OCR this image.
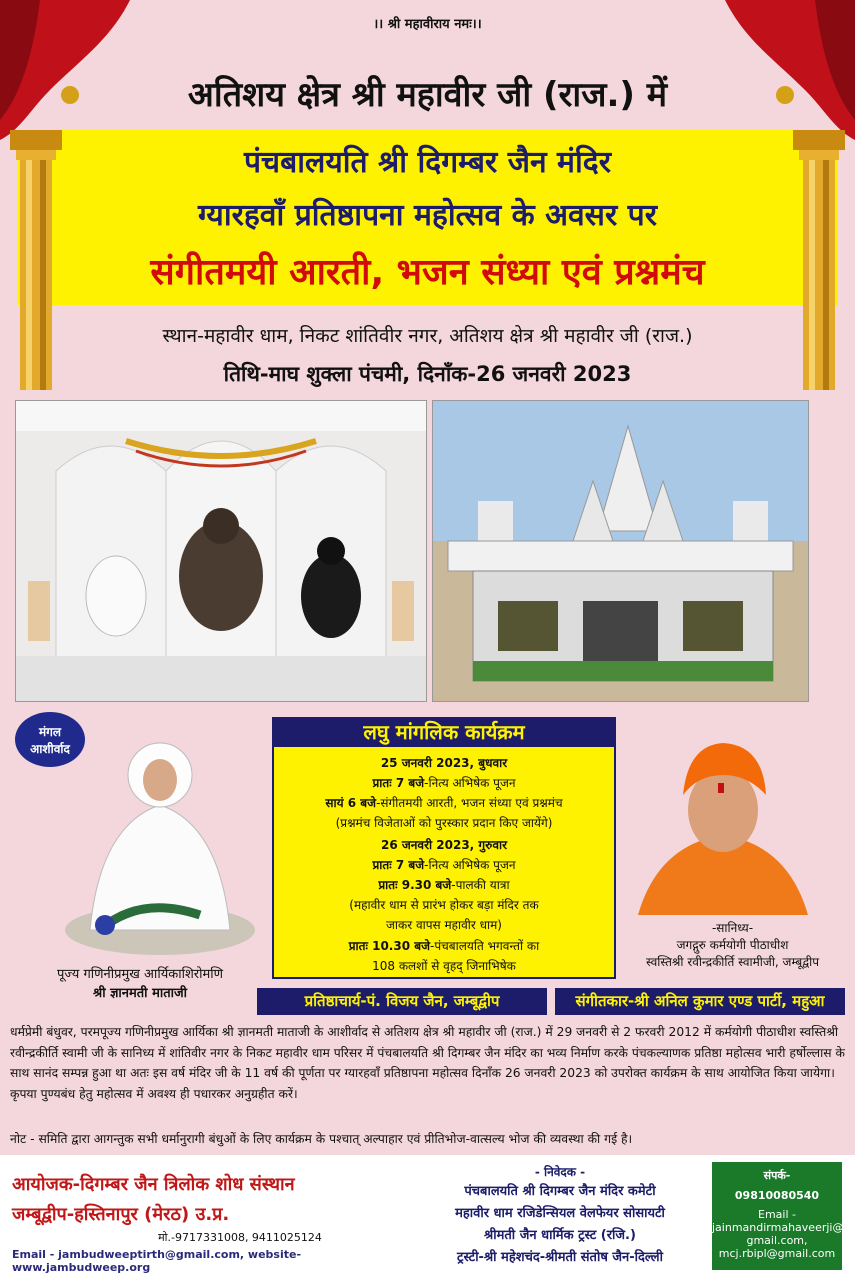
।। श्री महावीराय नमः।।
अतिशय क्षेत्र श्री महावीर जी (राज.) में
पंचबालयति श्री दिगम्बर जैन मंदिर
ग्यारहवाँ प्रतिष्ठापना महोत्सव के अवसर पर
संगीतमयी आरती, भजन संध्या एवं प्रश्नमंच
स्थान-महावीर धाम, निकट शांतिवीर नगर, अतिशय क्षेत्र श्री महावीर जी (राज.)
तिथि-माघ शुक्ला पंचमी, दिनाँक-26 जनवरी 2023
मंगल
आशीर्वाद
पूज्य गणिनीप्रमुख आर्यिकाशिरोमणि
श्री ज्ञानमती माताजी
लघु मांगलिक कार्यक्रम
25 जनवरी 2023, बुधवार
प्रातः 7 बजे-नित्य अभिषेक पूजन
सायं 6 बजे-संगीतमयी आरती, भजन संध्या एवं प्रश्नमंच
(प्रश्नमंच विजेताओं को पुरस्कार प्रदान किए जायेंगे)
26 जनवरी 2023, गुरुवार
प्रातः 7 बजे-नित्य अभिषेक पूजन
प्रातः 9.30 बजे-पालकी यात्रा
(महावीर धाम से प्रारंभ होकर बड़ा मंदिर तक
जाकर वापस महावीर धाम)
प्रातः 10.30 बजे-पंचबालयति भगवन्तों का
108 कलशों से वृहद् जिनाभिषेक
-सानिध्य-
जगद्गुरु कर्मयोगी पीठाधीश
स्वस्तिश्री रवीन्द्रकीर्ति स्वामीजी, जम्बूद्वीप
प्रतिष्ठाचार्य-पं. विजय जैन, जम्बूद्वीप	संगीतकार-श्री अनिल कुमार एण्ड पार्टी, महुआ
धर्मप्रेमी बंधुवर, परमपूज्य गणिनीप्रमुख आर्यिका श्री ज्ञानमती माताजी के आशीर्वाद से अतिशय क्षेत्र श्री महावीर जी (राज.) में 29 जनवरी से 2 फरवरी 2012 में कर्मयोगी पीठाधीश स्वस्तिश्री रवीन्द्रकीर्ति स्वामी जी के सानिध्य में शांतिवीर नगर के निकट महावीर धाम परिसर में पंचबालयति श्री दिगम्बर जैन मंदिर का भव्य निर्माण करके पंचकल्याणक प्रतिष्ठा महोत्सव भारी हर्षोल्लास के साथ सानंद सम्पन्न हुआ था अतः इस वर्ष मंदिर जी के 11 वर्ष की पूर्णता पर ग्यारहवाँ प्रतिष्ठापना महोत्सव दिनाँक 26 जनवरी 2023 को उपरोक्त कार्यक्रम के साथ आयोजित किया जायेगा। कृपया पुण्यबंध हेतु महोत्सव में अवश्य ही पधारकर अनुग्रहीत करें।
नोट - समिति द्वारा आगन्तुक सभी धर्मानुरागी बंधुओं के लिए कार्यक्रम के पश्चात् अल्पाहार एवं प्रीतिभोज-वात्सल्य भोज की व्यवस्था की गई है।
आयोजक-दिगम्बर जैन त्रिलोक शोध संस्थान
जम्बूद्वीप-हस्तिनापुर (मेरठ) उ.प्र.
मो.-9717331008, 9411025124
Email - jambudweeptirth@gmail.com, website-www.jambudweep.org
- निवेदक -
पंचबालयति श्री दिगम्बर जैन मंदिर कमेटी
महावीर धाम रजिडेन्सियल वेलफेयर सोसायटी
श्रीमती जैन धार्मिक ट्रस्ट (रजि.)
ट्रस्टी-श्री महेशचंद-श्रीमती संतोष जैन-दिल्ली
संपर्क-
09810080540
Email -
jainmandirmahaveerji@
gmail.com,
mcj.rbipl@gmail.com
